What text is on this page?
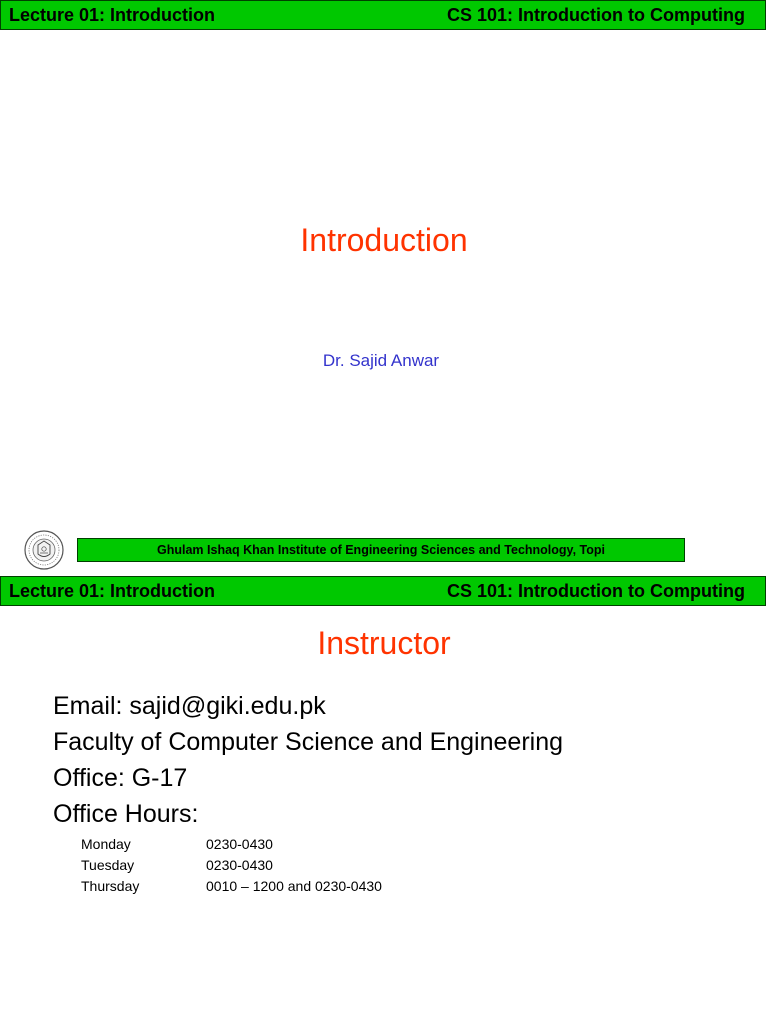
Lecture 01: Introduction	CS 101: Introduction to Computing
Introduction
Dr. Sajid Anwar
Ghulam Ishaq Khan Institute of Engineering Sciences and Technology, Topi
Lecture 01: Introduction	CS 101: Introduction to Computing
Instructor
Email: sajid@giki.edu.pk
Faculty of Computer Science and Engineering
Office: G-17
Office Hours:
Monday	0230-0430
Tuesday	0230-0430
Thursday	0010 – 1200 and 0230-0430
